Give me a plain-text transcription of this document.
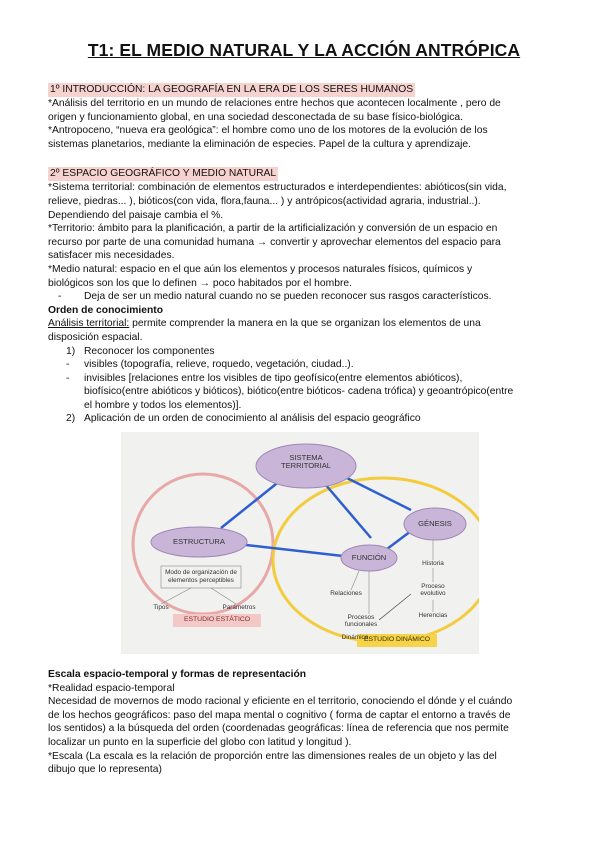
T1: EL MEDIO NATURAL Y LA ACCIÓN ANTRÓPICA
1º INTRODUCCIÓN: LA GEOGRAFÍA EN LA ERA DE LOS SERES HUMANOS

*Análisis del territorio en un mundo de relaciones entre hechos que acontecen localmente , pero de

origen y funcionamiento global, en una sociedad desconectada de su base físico-biológica.

*Antropoceno, “nueva era geológica”: el hombre como uno de los motores de la evolución de los

sistemas planetarios, mediante la eliminación de especies. Papel de la cultura y aprendizaje.

2º ESPACIO GEOGRÁFICO Y MEDIO NATURAL

*Sistema territorial: combinación de elementos estructurados e interdependientes: abióticos(sin vida,

relieve, piedras... ), bióticos(con vida, flora,fauna... ) y antrópicos(actividad agraria, industrial..).

Dependiendo del paisaje cambia el %.

*Territorio: ámbito para la planificación, a partir de la artificialización y conversión de un espacio en

recurso por parte de una comunidad humana → convertir y aprovechar elementos del espacio para

satisfacer mis necesidades.

*Medio natural: espacio en el que aún los elementos y procesos naturales físicos, químicos y

biológicos son los que lo definen → poco habitados por el hombre.

-	Deja de ser un medio natural cuando no se pueden reconocer sus rasgos característicos.

Orden de conocimiento

Análisis territorial: permite comprender la manera en la que se organizan los elementos de una

disposición espacial.

1) Reconocer los componentes
-	visibles (topografía, relieve, roquedo, vegetación, ciudad..).
-	invisibles [relaciones entre los visibles de tipo geofísico(entre elementos abióticos),
biofísico(entre abióticos y bióticos), biótico(entre bióticos- cadena trófica) y geoantrópico(entre
el hombre y todos los elementos)].
2) Aplicación de un orden de conocimiento al análisis del espacio geográfico
SISTEMA
TERRITORIAL
ESTRUCTURA
FUNCIÓN
GÉNESIS
Modo de organización de
elementos perceptibles
Tipos	Parámetros
Relaciones
Procesos
funcionales
Dinámica
Historia
Proceso
evolutivo
Herencias
ESTUDIO ESTÁTICO
ESTUDIO DINÁMICO

Escala espacio-temporal y formas de representación

*Realidad espacio-temporal

Necesidad de movernos de modo racional y eficiente en el territorio, conociendo el dónde y el cuándo

de los hechos geográficos: paso del mapa mental o cognitivo ( forma de captar el entorno a través de

los sentidos) a la búsqueda del orden (coordenadas geográficas: línea de referencia que nos permite

localizar un punto en la superficie del globo con latitud y longitud ).

*Escala (La escala es la relación de proporción entre las dimensiones reales de un objeto y las del

dibujo que lo representa)
